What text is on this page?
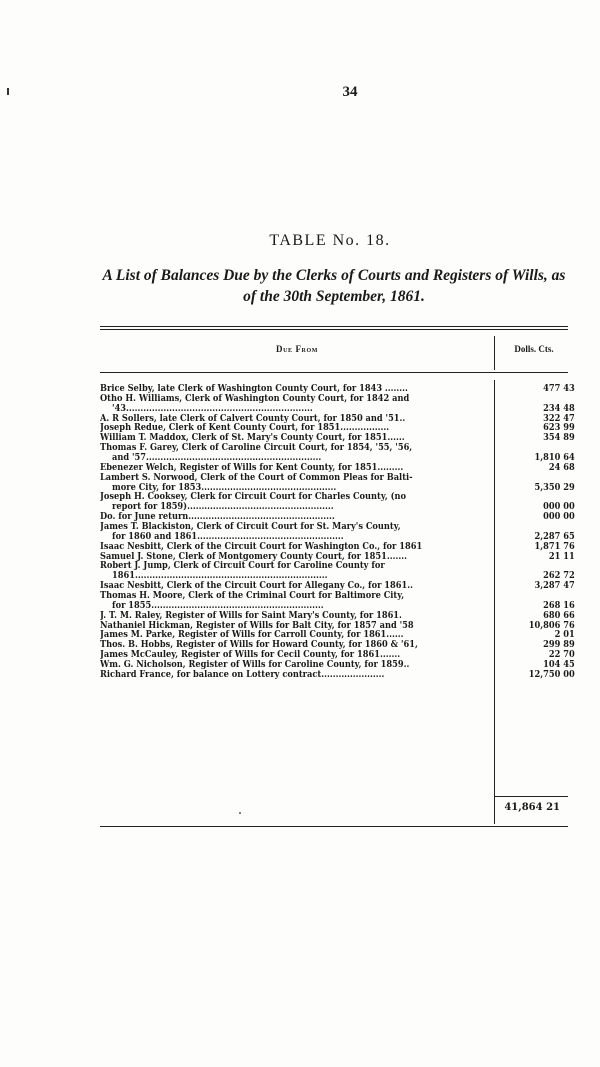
34
TABLE No. 18.
A List of Balances Due by the Clerks of Courts and Registers of Wills, as of the 30th September, 1861.
Due From	Dolls. Cts.
Brice Selby, late Clerk of Washington County Court, for 1843 ........	477 43
Otho H. Williams, Clerk of Washington County Court, for 1842 and
'43.................................................................	234 48
A. R Sollers, late Clerk of Calvert County Court, for 1850 and '51..	322 47
Joseph Redue, Clerk of Kent County Court, for 1851.................	623 99
William T. Maddox, Clerk of St. Mary's County Court, for 1851......	354 89
Thomas F. Garey, Clerk of Caroline Circuit Court, for 1854, '55, '56,
and '57.............................................................	1,810 64
Ebenezer Welch, Register of Wills for Kent County, for 1851.........	24 68
Lambert S. Norwood, Clerk of the Court of Common Pleas for Balti-
more City, for 1853...............................................	5,350 29
Joseph H. Cooksey, Clerk for Circuit Court for Charles County, (no
report for 1859)...................................................	000 00
Do. for June return...................................................	000 00
James T. Blackiston, Clerk of Circuit Court for St. Mary's County,
for 1860 and 1861...................................................	2,287 65
Isaac Nesbitt, Clerk of the Circuit Court for Washington Co., for 1861	1,871 76
Samuel J. Stone, Clerk of Montgomery County Court, for 1851.......	21 11
Robert J. Jump, Clerk of Circuit Court for Caroline County for
1861...................................................................	262 72
Isaac Nesbitt, Clerk of the Circuit Court for Allegany Co., for 1861..	3,287 47
Thomas H. Moore, Clerk of the Criminal Court for Baltimore City,
for 1855............................................................	268 16
J. T. M. Raley, Register of Wills for Saint Mary's County, for 1861.	680 66
Nathaniel Hickman, Register of Wills for Balt City, for 1857 and '58	10,806 76
James M. Parke, Register of Wills for Carroll County, for 1861......	2 01
Thos. B. Hobbs, Register of Wills for Howard County, for 1860 & '61,	299 89
James McCauley, Register of Wills for Cecil County, for 1861.......	22 70
Wm. G. Nicholson, Register of Wills for Caroline County, for 1859..	104 45
Richard France, for balance on Lottery contract......................	12,750 00
41,864 21
